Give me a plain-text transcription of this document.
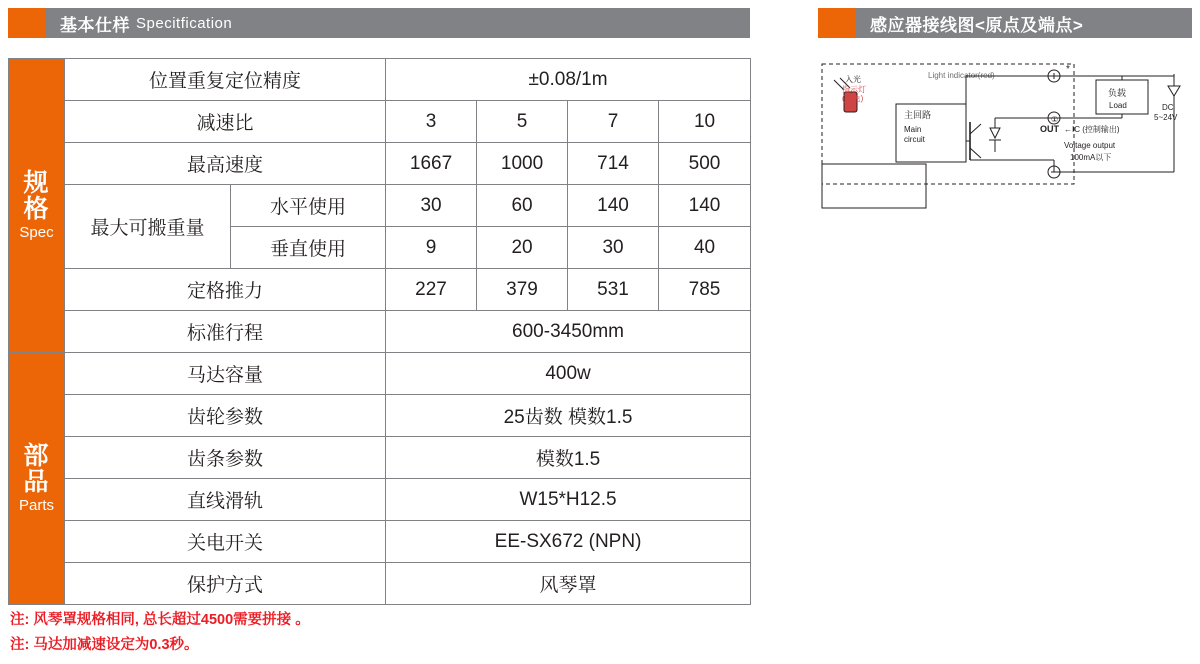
基本仕样 Specitfication	感应器接线图<原点及端点>
规格
Spec	位置重复定位精度		±0.08/1m			
	减速比		3	5	7	10
	最高速度		1667	1000	714	500
	最大可搬重量	水平使用	30	60	140	140
		垂直使用	9	20	30	40
	定格推力		227	379	531	785
	标准行程		600-3450mm			

部品
Parts	马达容量		400w			
	齿轮参数		25齿数 模数1.5			
	齿条参数		模数1.5			
	直线滑轨		W15*H12.5			
	关电开关		EE-SX672 (NPN)			
	保护方式		风琴罩			
注: 风琴罩规格相同, 总长超过4500需要拼接 。
注: 马达加减速设定为0.3秒。
入光
指示灯
(红色)
Light indicator(red)
主回路
Main
circuit
*
①
负载
Load	DC
5~24V
OUT ←IC (控制输出)
Voltage output
100mA以下
